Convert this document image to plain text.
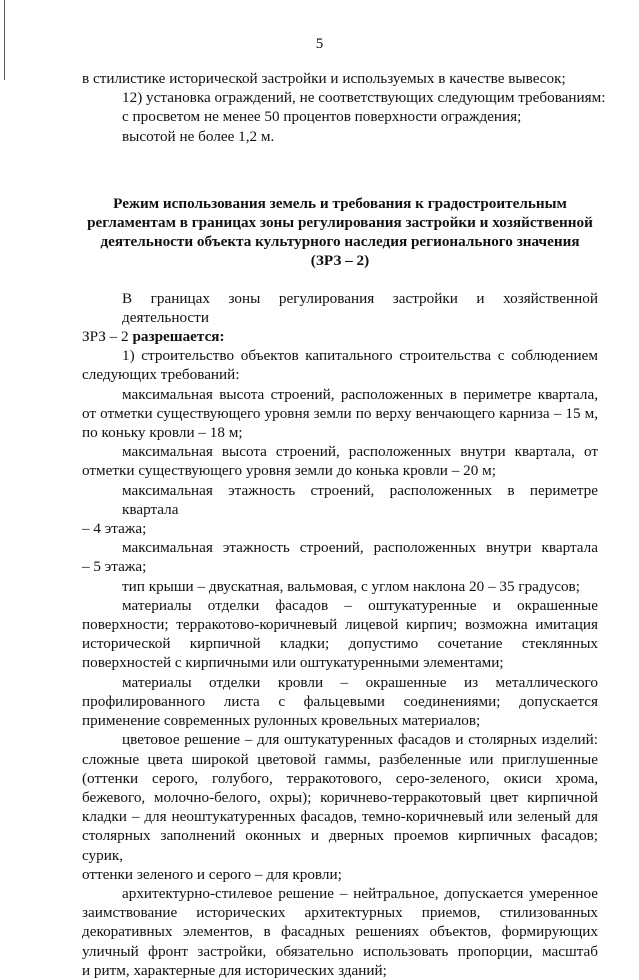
5
в стилистике исторической застройки и используемых в качестве вывесок;
12) установка ограждений, не соответствующих следующим требованиям:
с просветом не менее 50 процентов поверхности ограждения;
высотой не более 1,2 м.
Режим использования земель и требования к градостроительным
регламентам в границах зоны регулирования застройки и хозяйственной
деятельности объекта культурного наследия регионального значения
(ЗРЗ – 2)
В границах зоны регулирования застройки и хозяйственной деятельности
ЗРЗ – 2 разрешается:
1) строительство объектов капитального строительства с соблюдением
следующих требований:
максимальная высота строений, расположенных в периметре квартала,
от отметки существующего уровня земли по верху венчающего карниза – 15 м,
по коньку кровли – 18 м;
максимальная высота строений, расположенных внутри квартала, от
отметки существующего уровня земли до конька кровли – 20 м;
максимальная этажность строений, расположенных в периметре квартала
– 4 этажа;
максимальная этажность строений, расположенных внутри квартала
– 5 этажа;
тип крыши – двускатная, вальмовая, с углом наклона 20 – 35 градусов;
материалы отделки фасадов – оштукатуренные и окрашенные
поверхности; терракотово-коричневый лицевой кирпич; возможна имитация
исторической кирпичной кладки; допустимо сочетание стеклянных
поверхностей с кирпичными или оштукатуренными элементами;
материалы отделки кровли – окрашенные из металлического
профилированного листа с фальцевыми соединениями; допускается
применение современных рулонных кровельных материалов;
цветовое решение – для оштукатуренных фасадов и столярных изделий:
сложные цвета широкой цветовой гаммы, разбеленные или приглушенные
(оттенки серого, голубого, терракотового, серо-зеленого, окиси хрома,
бежевого, молочно-белого, охры); коричнево-терракотовый цвет кирпичной
кладки – для неоштукатуренных фасадов, темно-коричневый или зеленый для
столярных заполнений оконных и дверных проемов кирпичных фасадов; сурик,
оттенки зеленого и серого – для кровли;
архитектурно-стилевое решение – нейтральное, допускается умеренное
заимствование исторических архитектурных приемов, стилизованных
декоративных элементов, в фасадных решениях объектов, формирующих
уличный фронт застройки, обязательно использовать пропорции, масштаб
и ритм, характерные для исторических зданий;
